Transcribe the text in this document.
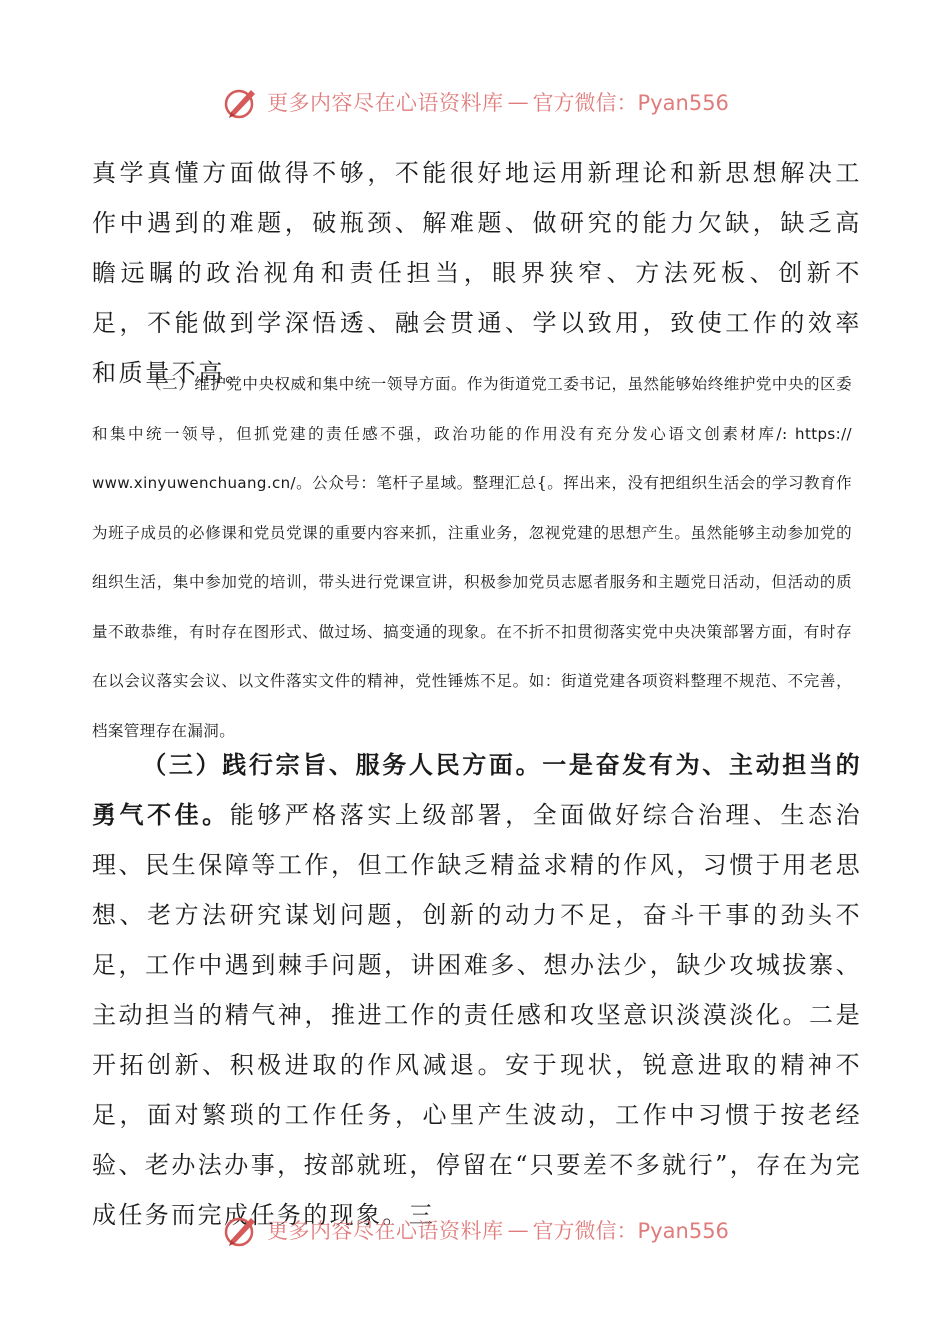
更多内容尽在心语资料库 — 官方微信：Pyan556
真学真懂方面做得不够，不能很好地运用新理论和新思想解决工作中遇到的难题，破瓶颈、解难题、做研究的能力欠缺，缺乏高瞻远瞩的政治视角和责任担当，眼界狭窄、方法死板、创新不足，不能做到学深悟透、融会贯通、学以致用，致使工作的效率和质量不高。
（二）维护党中央权威和集中统一领导方面。作为街道党工委书记，虽然能够始终维护党中央的区委和集中统一领导，但抓党建的责任感不强，政治功能的作用没有充分发心语文创素材库/: https:// www.xinyuwenchuang.cn/。公众号：笔杆子星域。整理汇总{。挥出来，没有把组织生活会的学习教育作为班子成员的必修课和党员党课的重要内容来抓，注重业务，忽视党建的思想产生。虽然能够主动参加党的组织生活，集中参加党的培训，带头进行党课宣讲，积极参加党员志愿者服务和主题党日活动，但活动的质量不敢恭维，有时存在图形式、做过场、搞变通的现象。在不折不扣贯彻落实党中央决策部署方面，有时存在以会议落实会议、以文件落实文件的精神，党性锤炼不足。如：街道党建各项资料整理不规范、不完善，档案管理存在漏洞。
（三）践行宗旨、服务人民方面。一是奋发有为、主动担当的勇气不佳。能够严格落实上级部署，全面做好综合治理、生态治理、民生保障等工作，但工作缺乏精益求精的作风，习惯于用老思想、老方法研究谋划问题，创新的动力不足，奋斗干事的劲头不足，工作中遇到棘手问题，讲困难多、想办法少，缺少攻城拔寨、主动担当的精气神，推进工作的责任感和攻坚意识淡漠淡化。二是开拓创新、积极进取的作风减退。安于现状，锐意进取的精神不足，面对繁琐的工作任务，心里产生波动，工作中习惯于按老经验、老办法办事，按部就班，停留在“只要差不多就行”，存在为完成任务而完成任务的现象。三
更多内容尽在心语资料库 — 官方微信：Pyan556
